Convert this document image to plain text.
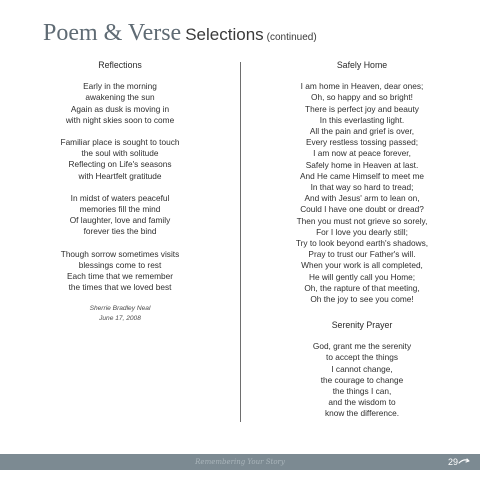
Poem & Verse Selections (continued)
Reflections
Early in the morning
awakening the sun
Again as dusk is moving in
with night skies soon to come
Familiar place is sought to touch
the soul with solitude
Reflecting on Life's seasons
with Heartfelt gratitude
In midst of waters peaceful
memories fill the mind
Of laughter, love and family
forever ties the bind
Though sorrow sometimes visits
blessings come to rest
Each time that we remember
the times that we loved best
Sherrie Bradley Neal
June 17, 2008
Safely Home
I am home in Heaven, dear ones;
Oh, so happy and so bright!
There is perfect joy and beauty
In this everlasting light.
All the pain and grief is over,
Every restless tossing passed;
I am now at peace forever,
Safely home in Heaven at last.
And He came Himself to meet me
In that way so hard to tread;
And with Jesus' arm to lean on,
Could I have one doubt or dread?
Then you must not grieve so sorely,
For I love you dearly still;
Try to look beyond earth's shadows,
Pray to trust our Father's will.
When your work is all completed,
He will gently call you Home;
Oh, the rapture of that meeting,
Oh the joy to see you come!
Serenity Prayer
God, grant me the serenity
to accept the things
I cannot change,
the courage to change
the things I can,
and the wisdom to
know the difference.
Remembering Your Story	29
